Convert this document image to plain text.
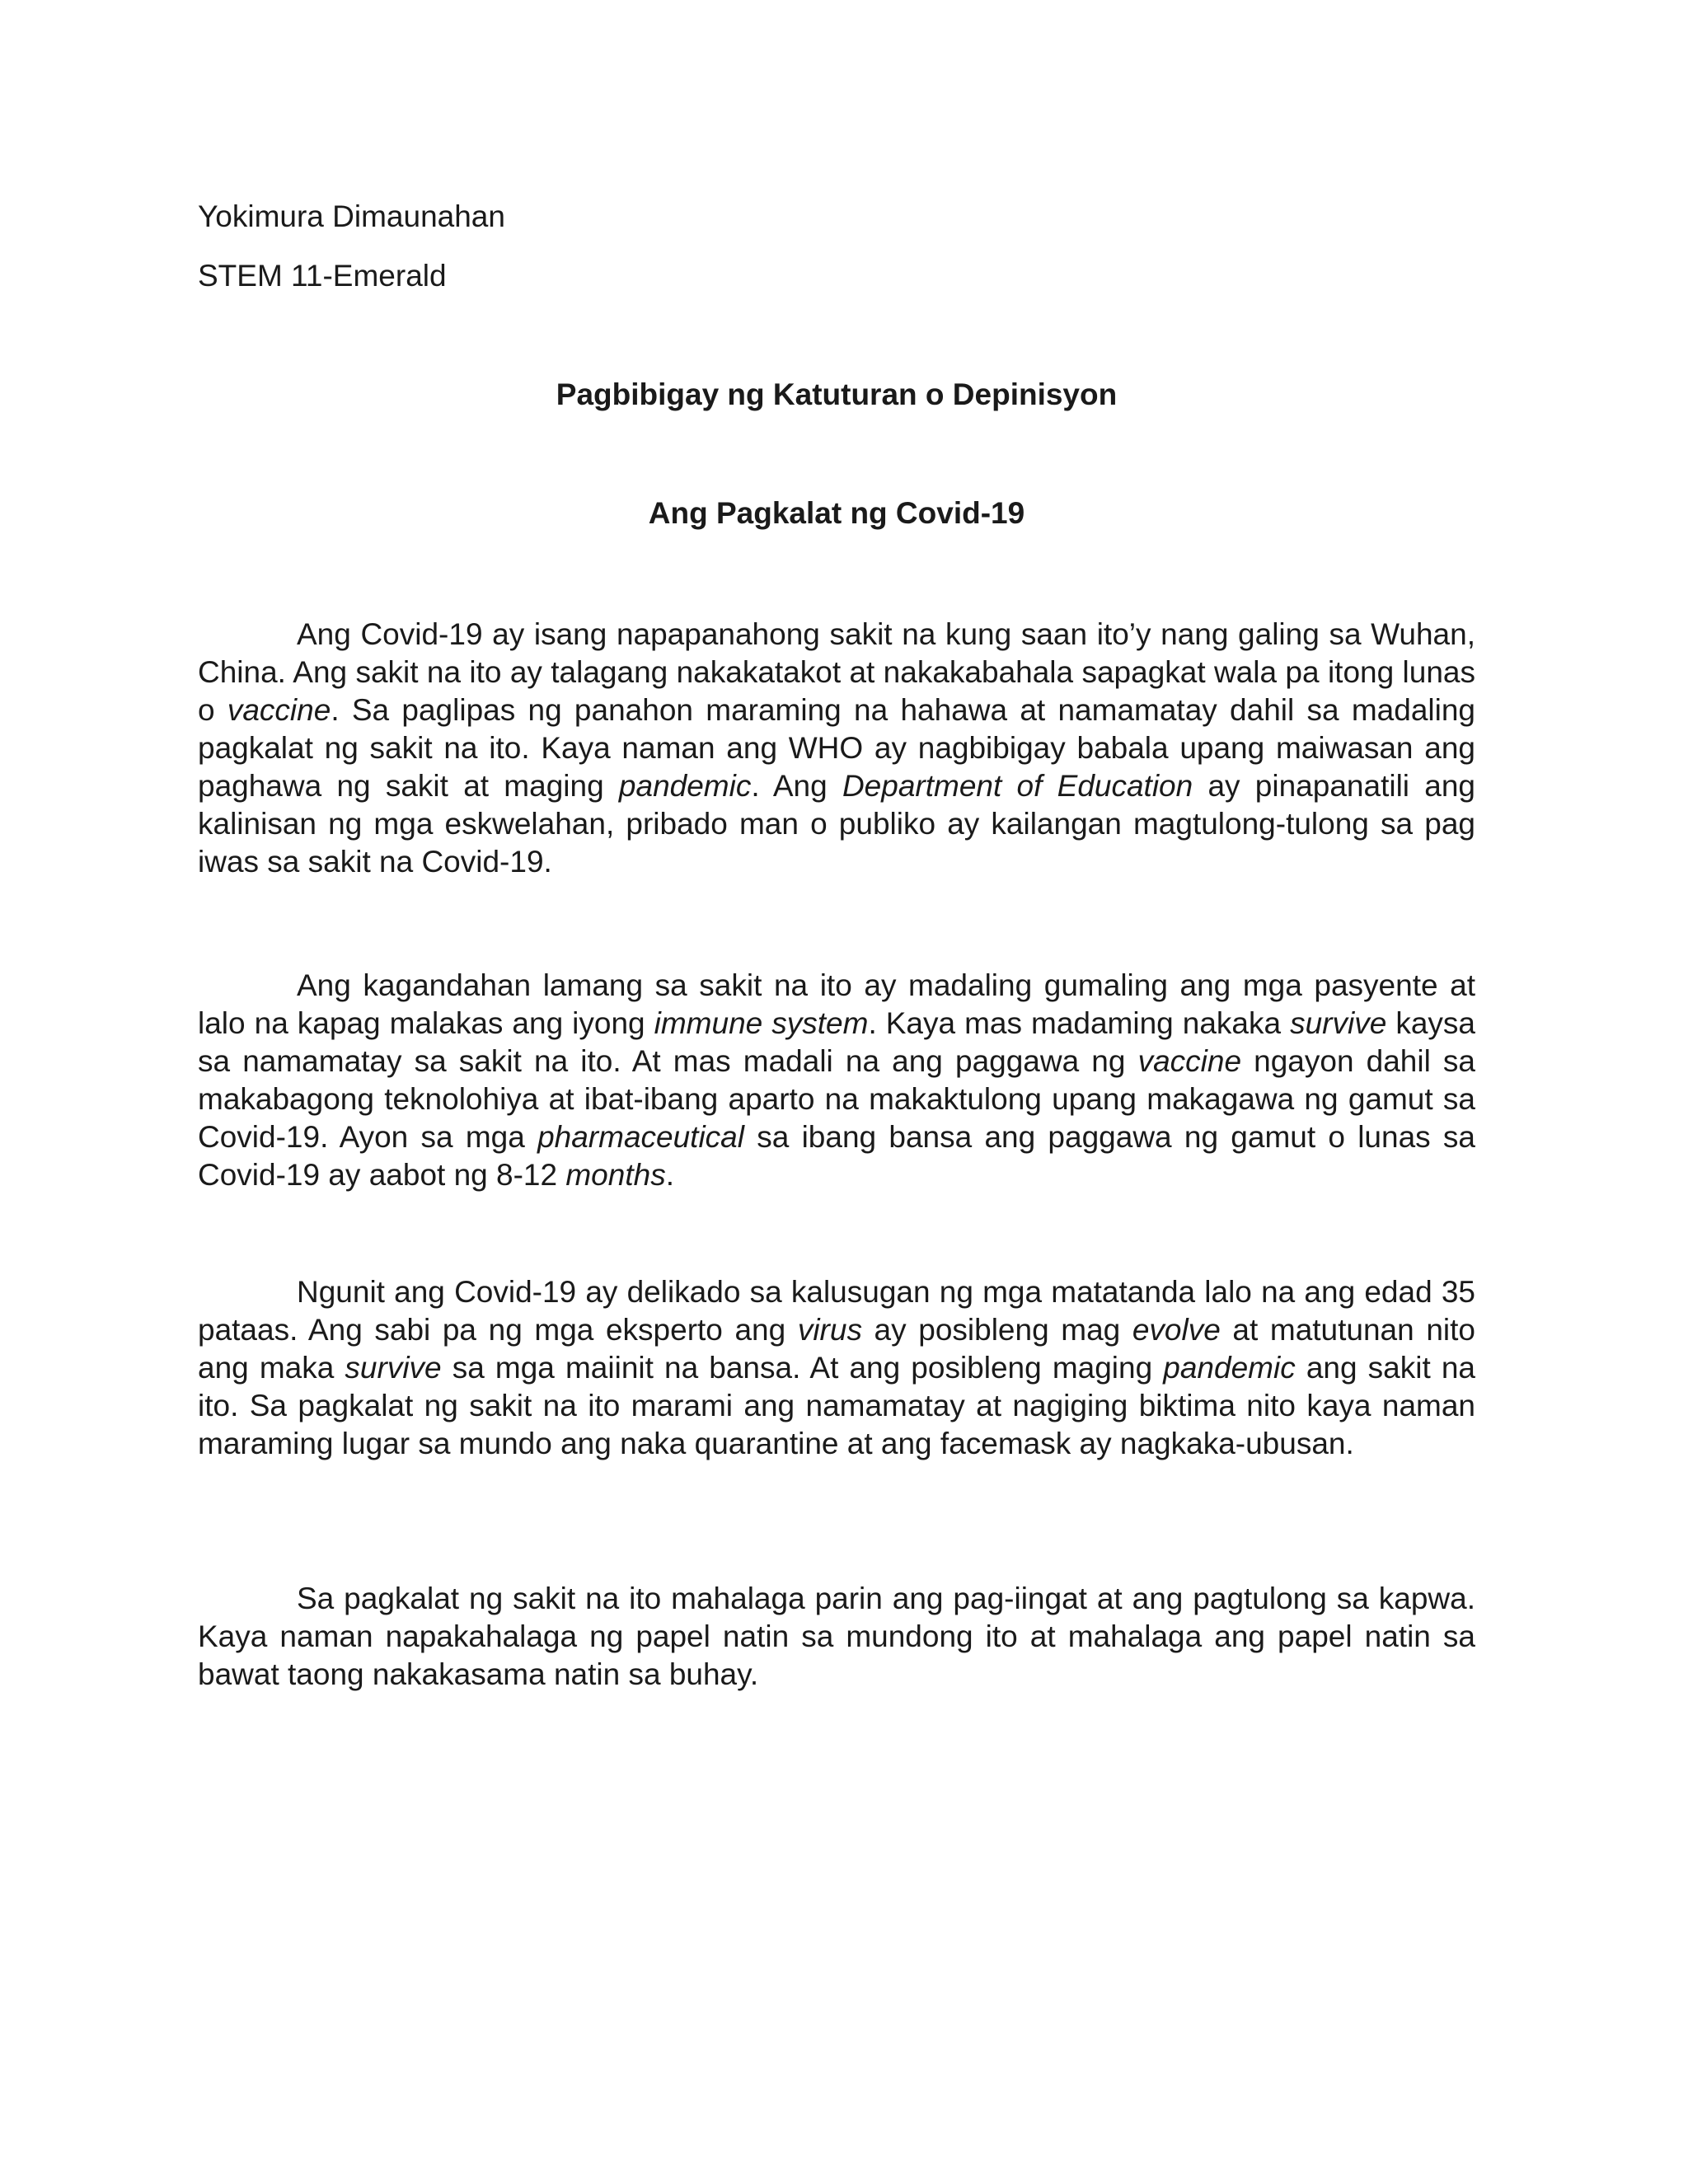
Yokimura Dimaunahan

STEM 11-Emerald

Pagbibigay ng Katuturan o Depinisyon
Ang Pagkalat ng Covid-19

Ang Covid-19 ay isang napapanahong sakit na kung saan ito’y nang galing sa Wuhan, China. Ang sakit na ito ay talagang nakakatakot at nakakabahala sapagkat wala pa itong lunas o vaccine. Sa paglipas ng panahon maraming na hahawa at namamatay dahil sa madaling pagkalat ng sakit na ito. Kaya naman ang WHO ay nagbibigay babala upang maiwasan ang paghawa ng sakit at maging pandemic. Ang Department of Education ay pinapanatili ang kalinisan ng mga eskwelahan, pribado man o publiko ay kailangan magtulong-tulong sa pag iwas sa sakit na Covid-19.

Ang kagandahan lamang sa sakit na ito ay madaling gumaling ang mga pasyente at lalo na kapag malakas ang iyong immune system. Kaya mas madaming nakaka survive kaysa sa namamatay sa sakit na ito. At mas madali na ang paggawa ng vaccine ngayon dahil sa makabagong teknolohiya at ibat-ibang aparto na makaktulong upang makagawa ng gamut sa Covid-19. Ayon sa mga pharmaceutical sa ibang bansa ang paggawa ng gamut o lunas sa Covid-19 ay aabot ng 8-12 months.

Ngunit ang Covid-19 ay delikado sa kalusugan ng mga matatanda lalo na ang edad 35 pataas. Ang sabi pa ng mga eksperto ang virus ay posibleng mag evolve at matutunan nito ang maka survive sa mga maiinit na bansa. At ang posibleng maging pandemic ang sakit na ito. Sa pagkalat ng sakit na ito marami ang namamatay at nagiging biktima nito kaya naman maraming lugar sa mundo ang naka quarantine at ang facemask ay nagkaka-ubusan.

Sa pagkalat ng sakit na ito mahalaga parin ang pag-iingat at ang pagtulong sa kapwa. Kaya naman napakahalaga ng papel natin sa mundong ito at mahalaga ang papel natin sa bawat taong nakakasama natin sa buhay.
